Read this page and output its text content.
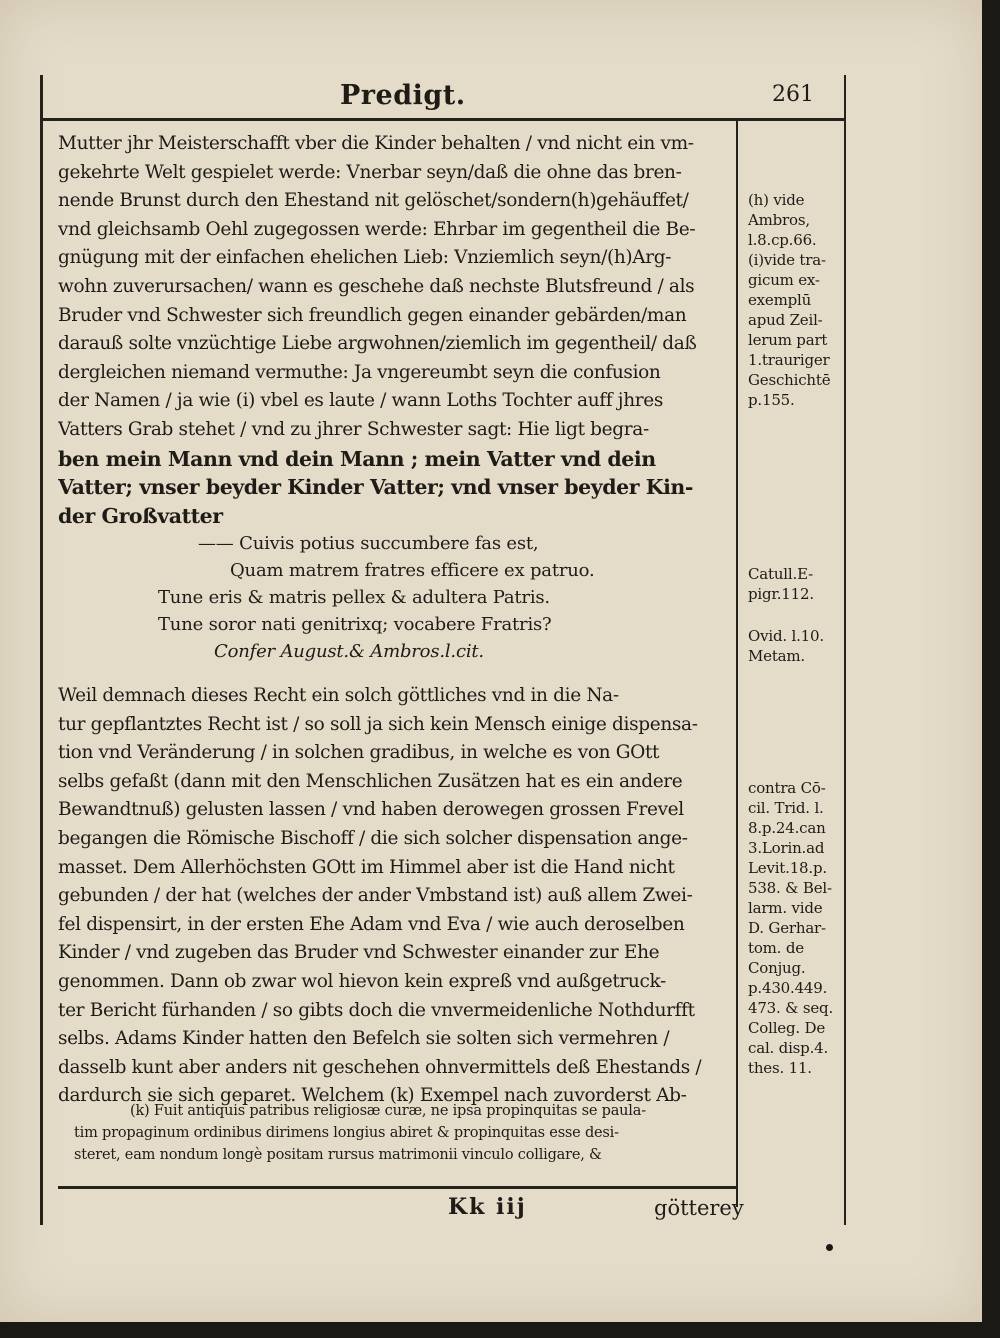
Predigt.	261
Mutter jhr Meisterschafft vber die Kinder behalten / vnd nicht ein vm-
gekehrte Welt gespielet werde: Vnerbar seyn/daß die ohne das bren-
nende Brunst durch den Ehestand nit gelöschet/sondern(h)gehäuffet/
vnd gleichsamb Oehl zugegossen werde: Ehrbar im gegentheil die Be-
gnügung mit der einfachen ehelichen Lieb: Vnziemlich seyn/(h)Arg-
wohn zuverursachen/ wann es geschehe daß nechste Blutsfreund / als
Bruder vnd Schwester sich freundlich gegen einander gebärden/man
darauß solte vnzüchtige Liebe argwohnen/ziemlich im gegentheil/ daß
dergleichen niemand vermuthe: Ja vngereumbt seyn die confusion
der Namen / ja wie (i) vbel es laute / wann Loths Tochter auff jhres
Vatters Grab stehet / vnd zu jhrer Schwester sagt: Hie ligt begra-
ben mein Mann vnd dein Mann ; mein Vatter vnd dein
Vatter; vnser beyder Kinder Vatter; vnd vnser beyder Kin-
der Großvatter
—— Cuivis potius succumbere fas est,
Quam matrem fratres efficere ex patruo.
Tune eris & matris pellex & adultera Patris.
Tune soror nati genitrixq; vocabere Fratris?
Confer August.& Ambros.l.cit.
Weil demnach dieses Recht ein solch göttliches vnd in die Na-
tur gepflantztes Recht ist / so soll ja sich kein Mensch einige dispensa-
tion vnd Veränderung / in solchen gradibus, in welche es von GOtt
selbs gefaßt (dann mit den Menschlichen Zusätzen hat es ein andere
Bewandtnuß) gelusten lassen / vnd haben derowegen grossen Frevel
begangen die Römische Bischoff / die sich solcher dispensation ange-
masset. Dem Allerhöchsten GOtt im Himmel aber ist die Hand nicht
gebunden / der hat (welches der ander Vmbstand ist) auß allem Zwei-
fel dispensirt, in der ersten Ehe Adam vnd Eva / wie auch deroselben
Kinder / vnd zugeben das Bruder vnd Schwester einander zur Ehe
genommen. Dann ob zwar wol hievon kein expreß vnd außgetruck-
ter Bericht fürhanden / so gibts doch die vnvermeidenliche Nothdurfft
selbs. Adams Kinder hatten den Befelch sie solten sich vermehren /
dasselb kunt aber anders nit geschehen ohnvermittels deß Ehestands /
dardurch sie sich geparet. Welchem (k) Exempel nach zuvorderst Ab-
(k) Fuit antiquis patribus religiosæ curæ, ne ipsa propinquitas se paula-
tim propaginum ordinibus dirimens longius abiret & propinquitas esse desi-
steret, eam nondum longè positam rursus matrimonii vinculo colligare, &
(h) vide
Ambros,
l.8.cp.66.
(i)vide tra-
gicum ex-
exemplū
apud Zeil-
lerum part
1.trauriger
Geschichtē
p.155.
Catull.E-
pigr.112.
Ovid. l.10.
Metam.
contra Cō-
cil. Trid. l.
8.p.24.can
3.Lorin.ad
Levit.18.p.
538. & Bel-
larm. vide
D. Gerhar-
tom. de
Conjug.
p.430.449.
473. & seq.
Colleg. De
cal. disp.4.
thes. 11.
Kk iij	götterey
